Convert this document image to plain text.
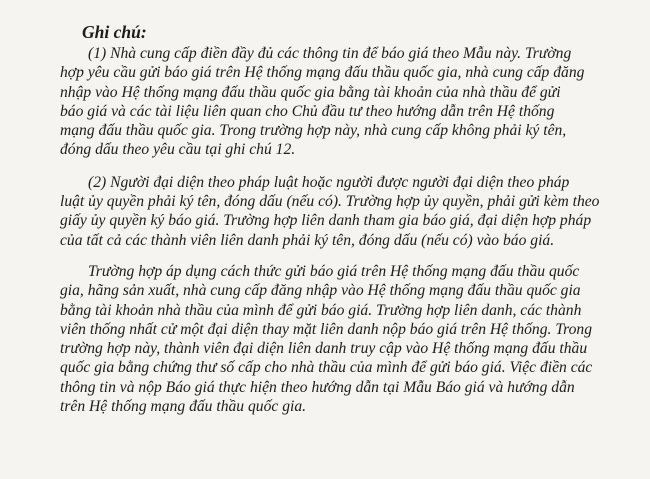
Ghi chú:

(1) Nhà cung cấp điền đầy đủ các thông tin để báo giá theo Mẫu này. Trường
hợp yêu cầu gửi báo giá trên Hệ thống mạng đấu thầu quốc gia, nhà cung cấp đăng
nhập vào Hệ thống mạng đấu thầu quốc gia bằng tài khoản của nhà thầu để gửi
báo giá và các tài liệu liên quan cho Chủ đầu tư theo hướng dẫn trên Hệ thống
mạng đấu thầu quốc gia. Trong trường hợp này, nhà cung cấp không phải ký tên,
đóng dấu theo yêu cầu tại ghi chú 12.

(2) Người đại diện theo pháp luật hoặc người được người đại diện theo pháp
luật ủy quyền phải ký tên, đóng dấu (nếu có). Trường hợp ủy quyền, phải gửi kèm theo
giấy ủy quyền ký báo giá. Trường hợp liên danh tham gia báo giá, đại diện hợp pháp
của tất cả các thành viên liên danh phải ký tên, đóng dấu (nếu có) vào báo giá.

Trường hợp áp dụng cách thức gửi báo giá trên Hệ thống mạng đấu thầu quốc
gia, hãng sản xuất, nhà cung cấp đăng nhập vào Hệ thống mạng đấu thầu quốc gia
bằng tài khoản nhà thầu của mình để gửi báo giá. Trường hợp liên danh, các thành
viên thống nhất cử một đại diện thay mặt liên danh nộp báo giá trên Hệ thống. Trong
trường hợp này, thành viên đại diện liên danh truy cập vào Hệ thống mạng đấu thầu
quốc gia bằng chứng thư số cấp cho nhà thầu của mình để gửi báo giá. Việc điền các
thông tin và nộp Báo giá thực hiện theo hướng dẫn tại Mẫu Báo giá và hướng dẫn
trên Hệ thống mạng đấu thầu quốc gia.
